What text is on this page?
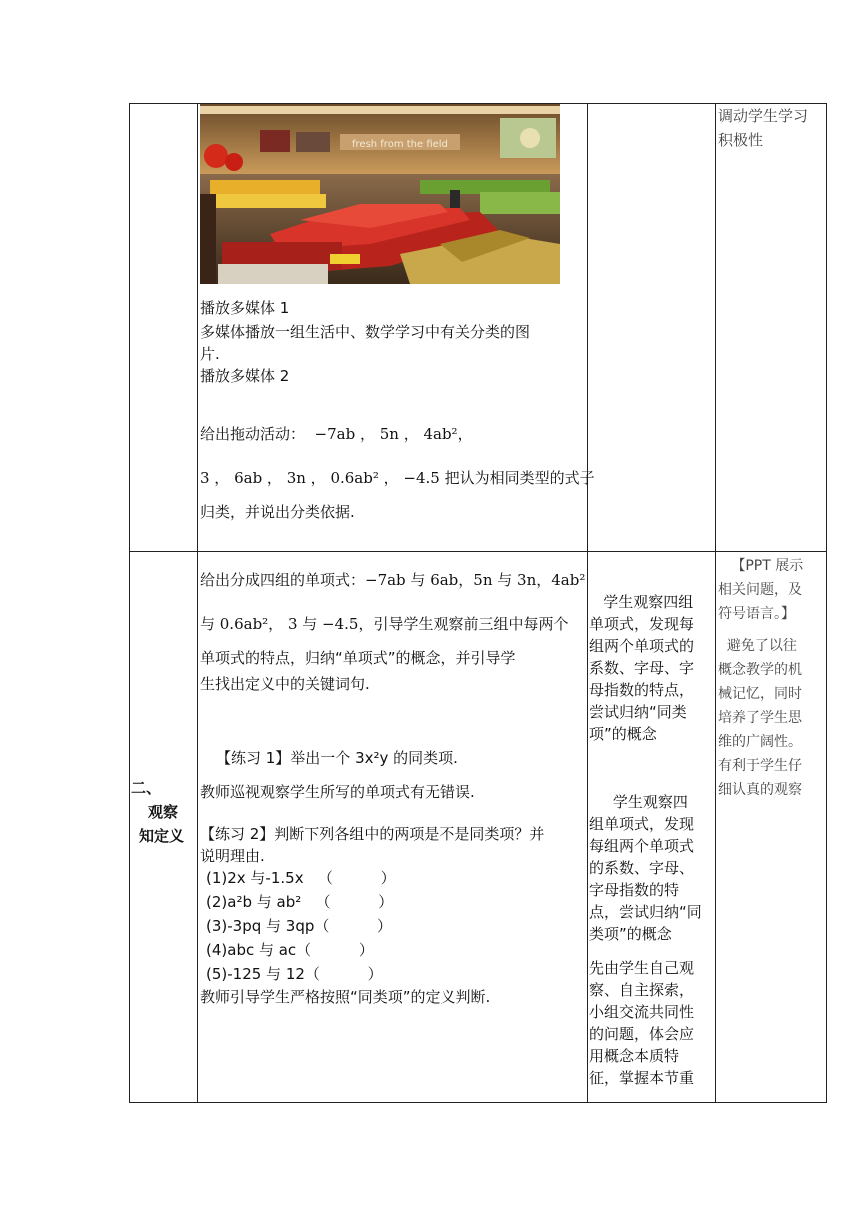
fresh from the field
播放多媒体 1
多媒体播放一组生活中、数学学习中有关分类的图
片.
播放多媒体 2
给出拖动活动：  −7ab ， 5n ， 4ab²，
3 ， 6ab ， 3n ， 0.6ab² ， −4.5 把认为相同类型的式子
归类，并说出分类依据.
调动学生学习
积极性
二、
观察
知定义
给出分成四组的单项式：−7ab 与 6ab，5n 与 3n，4ab²
与 0.6ab²， 3 与 −4.5，引导学生观察前三组中每两个
单项式的特点，归纳“单项式”的概念，并引导学
生找出定义中的关键词句.
【练习 1】举出一个 3x²y 的同类项.
教师巡视观察学生所写的单项式有无错误.
【练习 2】判断下列各组中的两项是不是同类项？并
说明理由.
(1)2x 与-1.5x   （          ）
(2)a²b 与 ab²   （          ）
(3)-3pq 与 3qp（          ）
(4)abc 与 ac（          ）
(5)-125 与 12（          ）
教师引导学生严格按照“同类项”的定义判断.
学生观察四组
单项式，发现每
组两个单项式的
系数、字母、字
母指数的特点，
尝试归纳“同类
项”的概念
学生观察四
组单项式，发现
每组两个单项式
的系数、字母、
字母指数的特
点，尝试归纳“同
类项”的概念
先由学生自己观
察、自主探索，
小组交流共同性
的问题，体会应
用概念本质特
征，掌握本节重
【PPT 展示
相关问题，及
符号语言。】
避免了以往
概念教学的机
械记忆，同时
培养了学生思
维的广阔性。
有利于学生仔
细认真的观察
